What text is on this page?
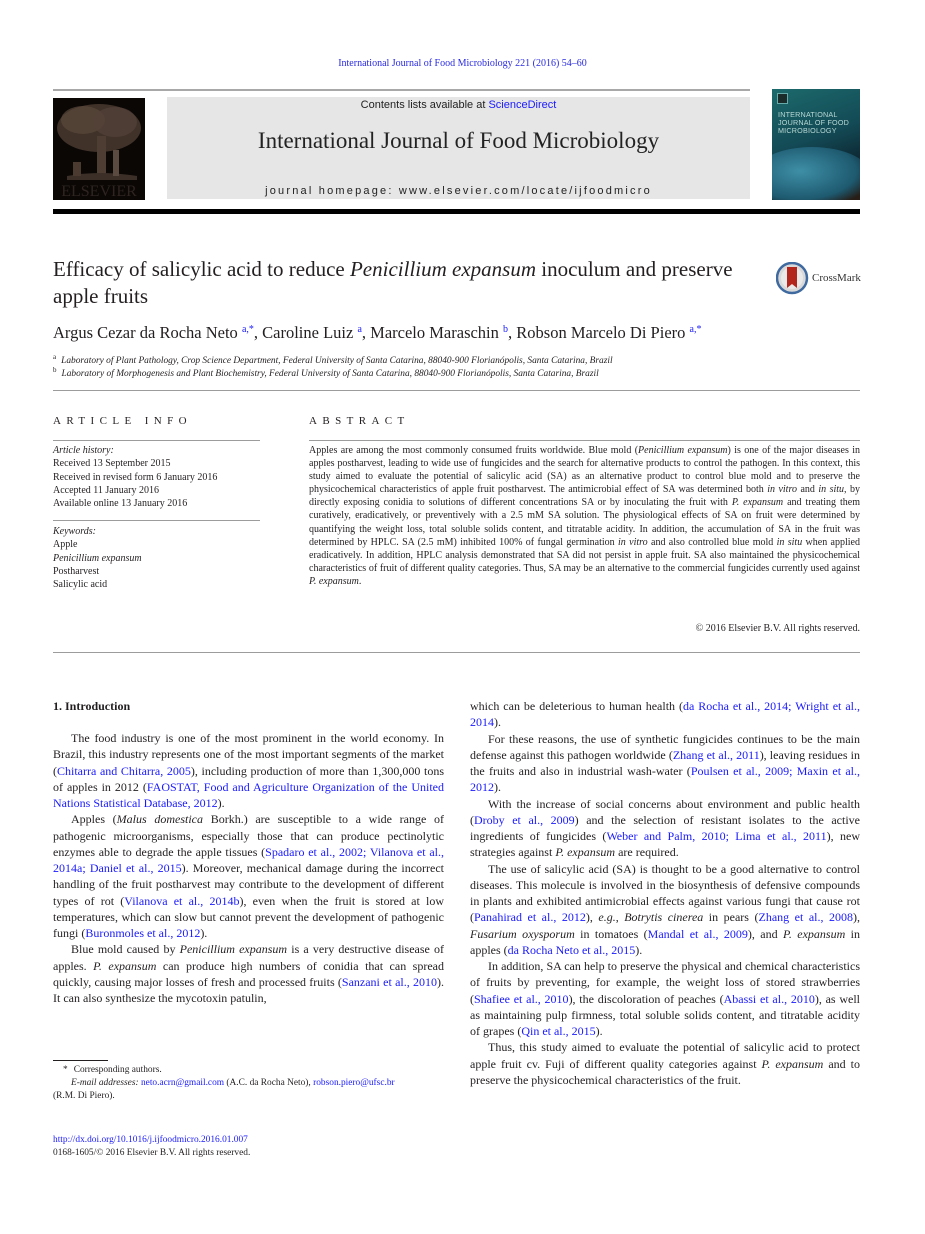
International Journal of Food Microbiology 221 (2016) 54–60
ELSEVIER
Contents lists available at ScienceDirect
International Journal of Food Microbiology
journal homepage: www.elsevier.com/locate/ijfoodmicro
INTERNATIONAL
JOURNAL OF FOOD
MICROBIOLOGY
Efficacy of salicylic acid to reduce Penicillium expansum inoculum and preserve apple fruits
CrossMark
Argus Cezar da Rocha Neto $^{a,*}$, Caroline Luiz $^a$, Marcelo Maraschin $^b$, Robson Marcelo Di Piero $^{a,*}$
$^a$ Laboratory of Plant Pathology, Crop Science Department, Federal University of Santa Catarina, 88040-900 Florianópolis, Santa Catarina, Brazil
$^b$ Laboratory of Morphogenesis and Plant Biochemistry, Federal University of Santa Catarina, 88040-900 Florianópolis, Santa Catarina, Brazil
ARTICLE INFO
Article history:
Received 13 September 2015
Received in revised form 6 January 2016
Accepted 11 January 2016
Available online 13 January 2016
Keywords:
Apple
Penicillium expansum
Postharvest
Salicylic acid
ABSTRACT
Apples are among the most commonly consumed fruits worldwide. Blue mold (Penicillium expansum) is one of the major diseases in apples postharvest, leading to wide use of fungicides and the search for alternative products to control the pathogen. In this context, this study aimed to evaluate the potential of salicylic acid (SA) as an alternative product to control blue mold and to preserve the physicochemical characteristics of apple fruit postharvest. The antimicrobial effect of SA was determined both in vitro and in situ, by directly exposing conidia to solutions of different concentrations SA or by inoculating the fruit with P. expansum and treating them curatively, eradicatively, or preventively with a 2.5 mM SA solution. The physiological effects of SA on fruit were determined by quantifying the weight loss, total soluble solids content, and titratable acidity. In addition, the accumulation of SA in the fruit was determined by HPLC. SA (2.5 mM) inhibited 100% of fungal germination in vitro and also controlled blue mold in situ when applied eradicatively. In addition, HPLC analysis demonstrated that SA did not persist in apple fruit. SA also maintained the physicochemical characteristics of fruit of different quality categories. Thus, SA may be an alternative to the commercial fungicides currently used against P. expansum.
© 2016 Elsevier B.V. All rights reserved.
1. Introduction

The food industry is one of the most prominent in the world economy. In Brazil, this industry represents one of the most important segments of the market (Chitarra and Chitarra, 2005), including production of more than 1,300,000 tons of apples in 2012 (FAOSTAT, Food and Agriculture Organization of the United Nations Statistical Database, 2012).

Apples (Malus domestica Borkh.) are susceptible to a wide range of pathogenic microorganisms, especially those that can produce pectinolytic enzymes able to degrade the apple tissues (Spadaro et al., 2002; Vilanova et al., 2014a; Daniel et al., 2015). Moreover, mechanical damage during the incorrect handling of the fruit postharvest may contribute to the development of different types of rot (Vilanova et al., 2014b), even when the fruit is stored at low temperatures, which can slow but cannot prevent the development of pathogenic fungi (Buronmoles et al., 2012).

Blue mold caused by Penicillium expansum is a very destructive disease of apples. P. expansum can produce high numbers of conidia that can spread quickly, causing major losses of fresh and processed fruits (Sanzani et al., 2010). It can also synthesize the mycotoxin patulin,

which can be deleterious to human health (da Rocha et al., 2014; Wright et al., 2014).

For these reasons, the use of synthetic fungicides continues to be the main defense against this pathogen worldwide (Zhang et al., 2011), leaving residues in the fruits and also in industrial wash-water (Poulsen et al., 2009; Maxin et al., 2012).

With the increase of social concerns about environment and public health (Droby et al., 2009) and the selection of resistant isolates to the active ingredients of fungicides (Weber and Palm, 2010; Lima et al., 2011), new strategies against P. expansum are required.

The use of salicylic acid (SA) is thought to be a good alternative to control diseases. This molecule is involved in the biosynthesis of defensive compounds in plants and exhibited antimicrobial effects against various fungi that cause rot (Panahirad et al., 2012), e.g., Botrytis cinerea in pears (Zhang et al., 2008), Fusarium oxysporum in tomatoes (Mandal et al., 2009), and P. expansum in apples (da Rocha Neto et al., 2015).

In addition, SA can help to preserve the physical and chemical characteristics of fruits by preventing, for example, the weight loss of stored strawberries (Shafiee et al., 2010), the discoloration of peaches (Abassi et al., 2010), as well as maintaining pulp firmness, total soluble solids content, and titratable acidity of grapes (Qin et al., 2015).

Thus, this study aimed to evaluate the potential of salicylic acid to protect apple fruit cv. Fuji of different quality categories against P. expansum and to preserve the physicochemical characteristics of the fruit.

* Corresponding authors.
E-mail addresses: neto.acrn@gmail.com (A.C. da Rocha Neto), robson.piero@ufsc.br
(R.M. Di Piero).
http://dx.doi.org/10.1016/j.ijfoodmicro.2016.01.007
0168-1605/© 2016 Elsevier B.V. All rights reserved.
